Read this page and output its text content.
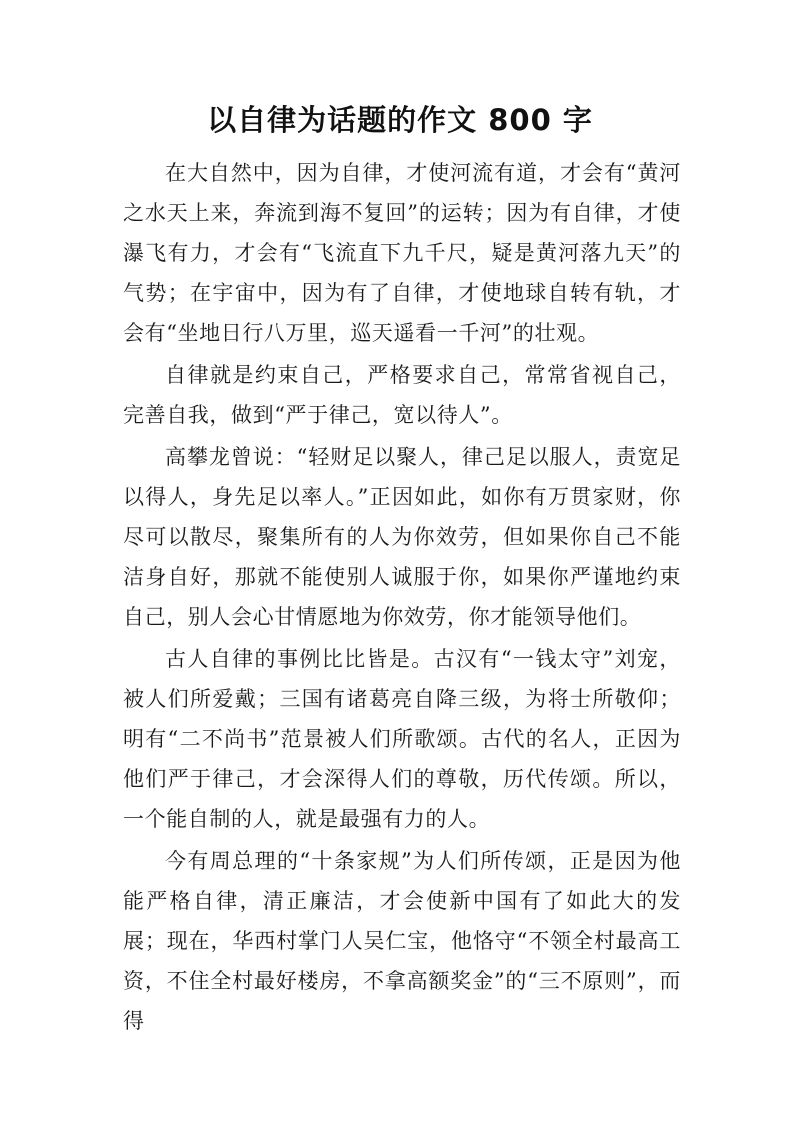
以自律为话题的作文 800 字

在大自然中，因为自律，才使河流有道，才会有“黄河之水天上来，奔流到海不复回”的运转；因为有自律，才使瀑飞有力，才会有“飞流直下九千尺，疑是黄河落九天”的气势；在宇宙中，因为有了自律，才使地球自转有轨，才会有“坐地日行八万里，巡天遥看一千河”的壮观。

自律就是约束自己，严格要求自己，常常省视自己，完善自我，做到“严于律己，宽以待人”。

高攀龙曾说：“轻财足以聚人，律己足以服人，责宽足以得人，身先足以率人。”正因如此，如你有万贯家财，你尽可以散尽，聚集所有的人为你效劳，但如果你自己不能洁身自好，那就不能使别人诚服于你，如果你严谨地约束自己，别人会心甘情愿地为你效劳，你才能领导他们。

古人自律的事例比比皆是。古汉有“一钱太守”刘宠，被人们所爱戴；三国有诸葛亮自降三级，为将士所敬仰；明有“二不尚书”范景被人们所歌颂。古代的名人，正因为他们严于律己，才会深得人们的尊敬，历代传颂。所以，一个能自制的人，就是最强有力的人。

今有周总理的“十条家规”为人们所传颂，正是因为他能严格自律，清正廉洁，才会使新中国有了如此大的发展；现在，华西村掌门人吴仁宝，他恪守“不领全村最高工资，不住全村最好楼房，不拿高额奖金”的“三不原则”，而得
